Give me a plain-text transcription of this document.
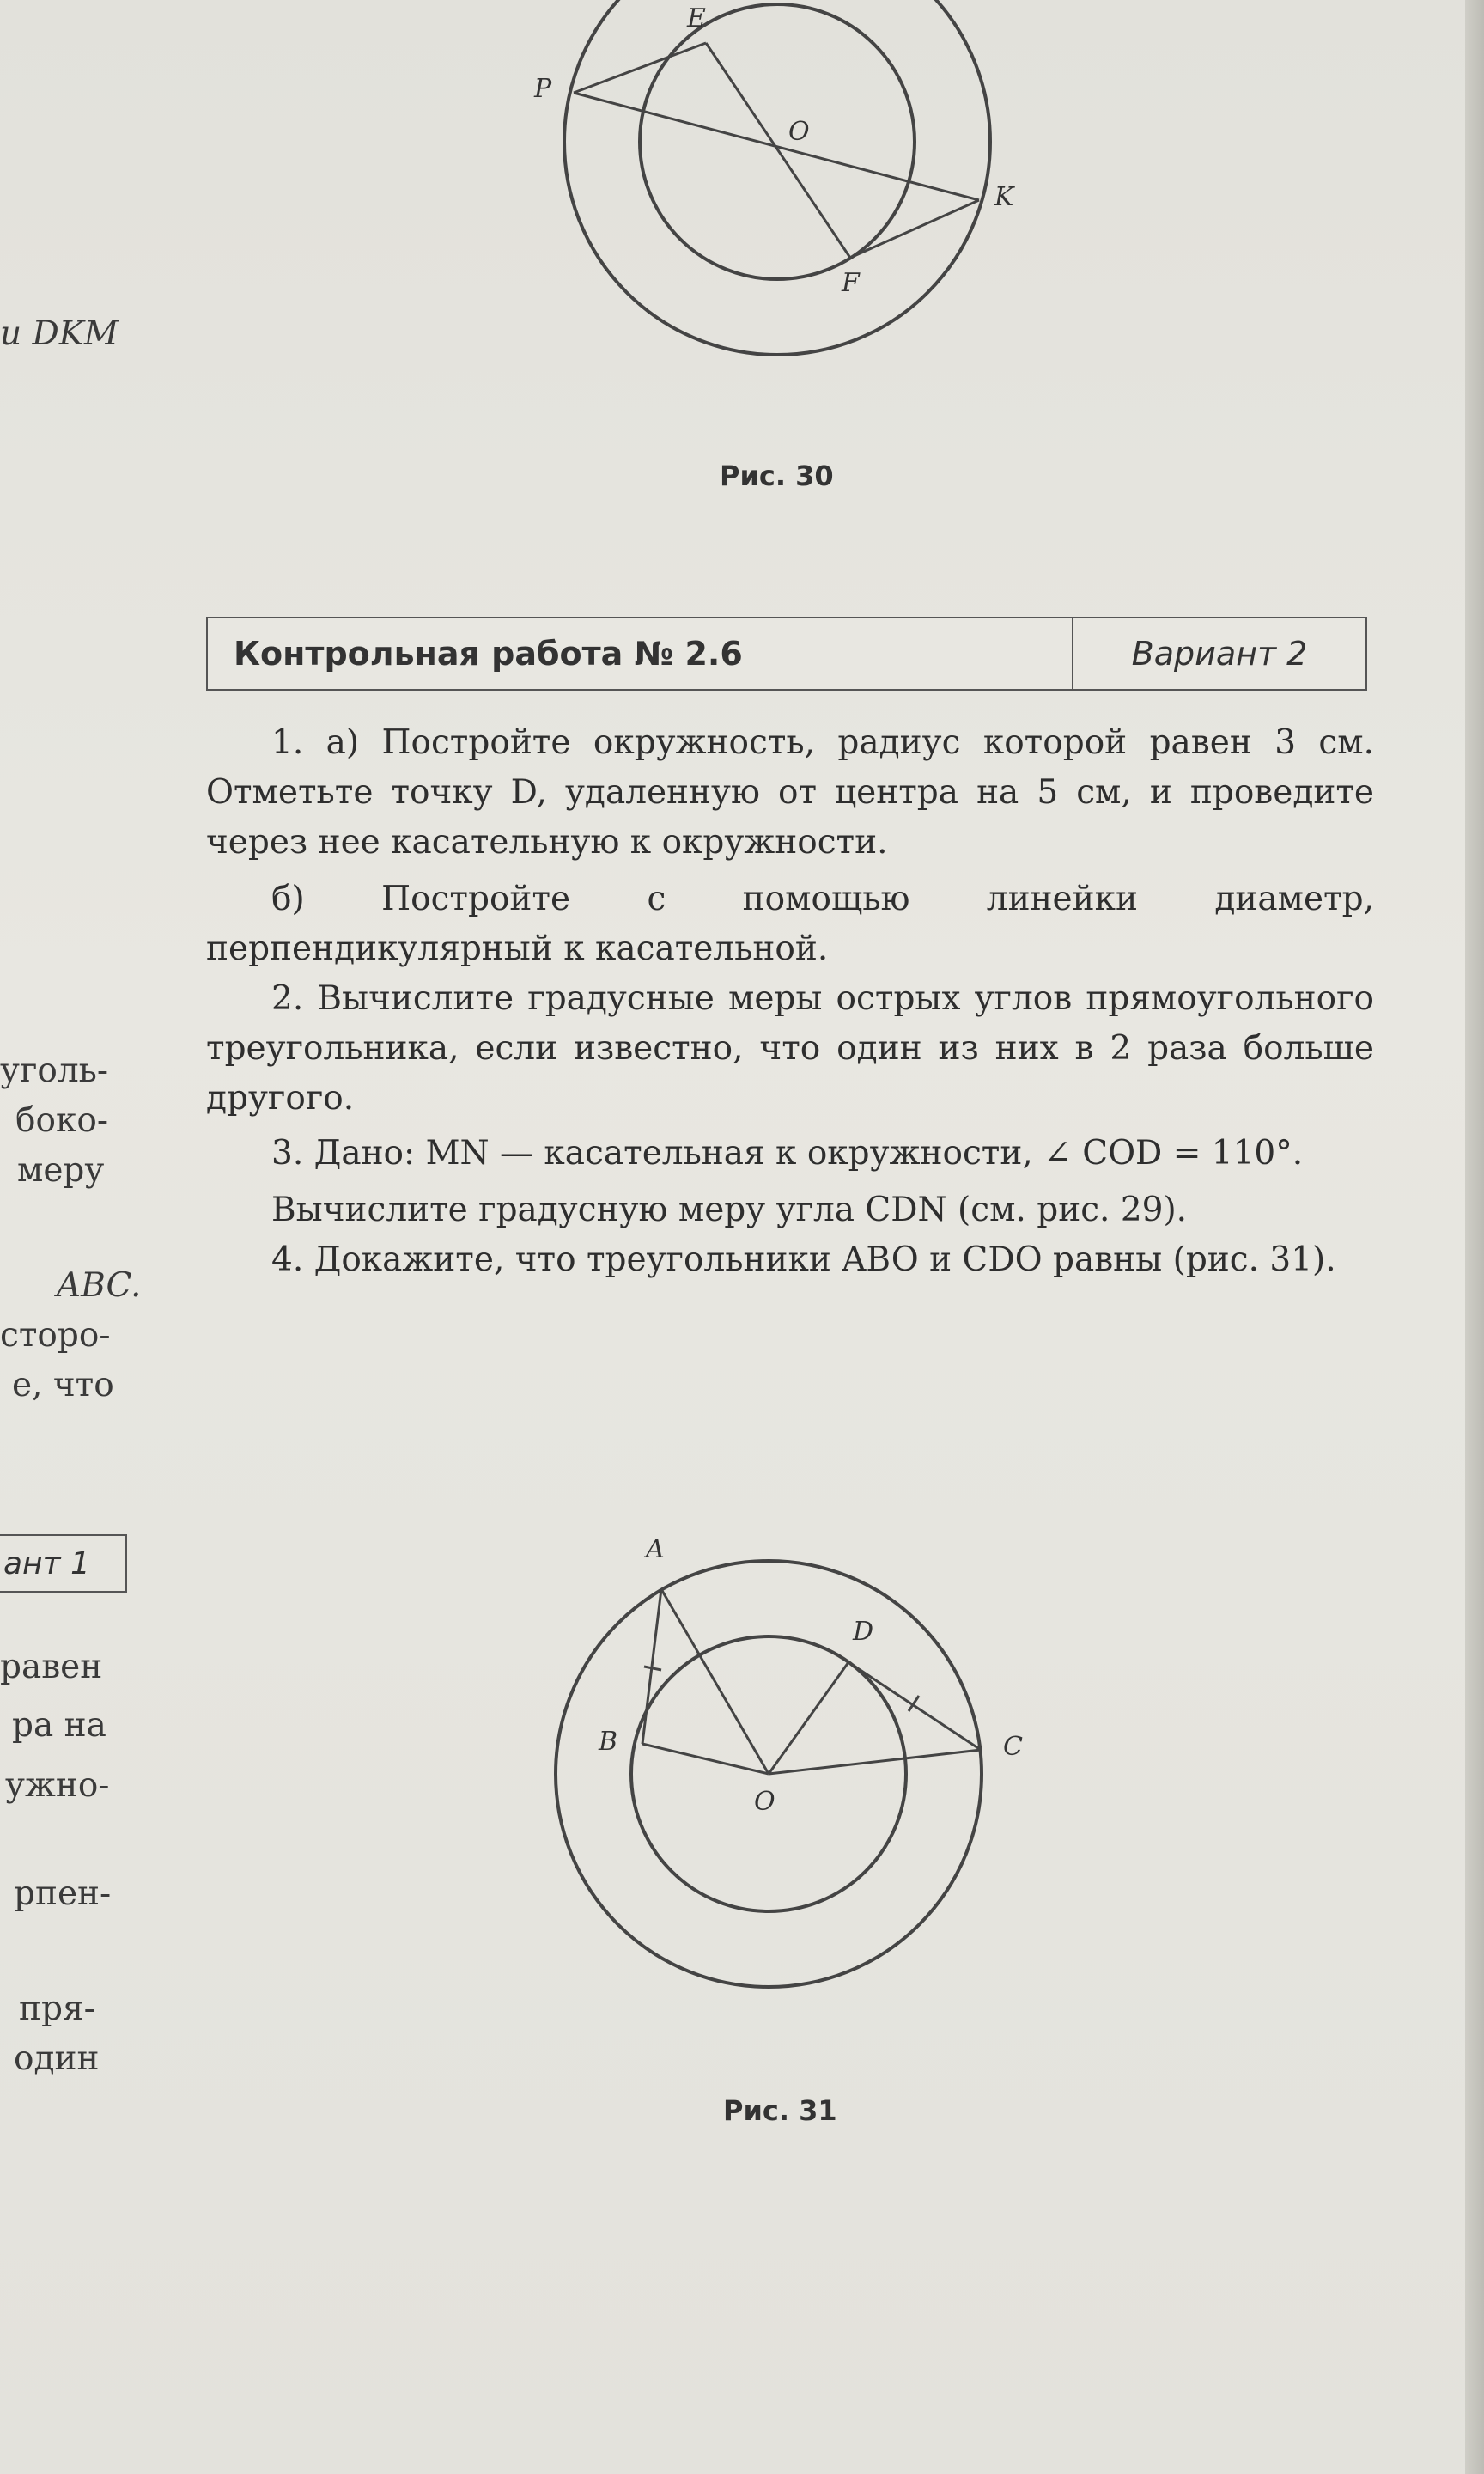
E
P
O
K
F
Рис. 30
и DKM
уголь-
боко-
меру
ABC.
сторо-
е, что
ант 1
равен
ра на
ужно-
рпен-
пря-
один
Контрольная работа № 2.6	Вариант 2

1. а) Постройте окружность, радиус которой равен 3 см. Отметьте точку D, удаленную от центра на 5 см, и проведите через нее касательную к окружности.

б) Постройте с помощью линейки диаметр, перпендикулярный к касательной.

2. Вычислите градусные меры острых углов прямоугольного треугольника, если известно, что один из них в 2 раза больше другого.

3. Дано: MN — касательная к окружности, ∠ COD = 110°.

Вычислите градусную меру угла CDN (см. рис. 29).

4. Докажите, что треугольники ABO и CDO равны (рис. 31).

A
D
B	C
O
Рис. 31
